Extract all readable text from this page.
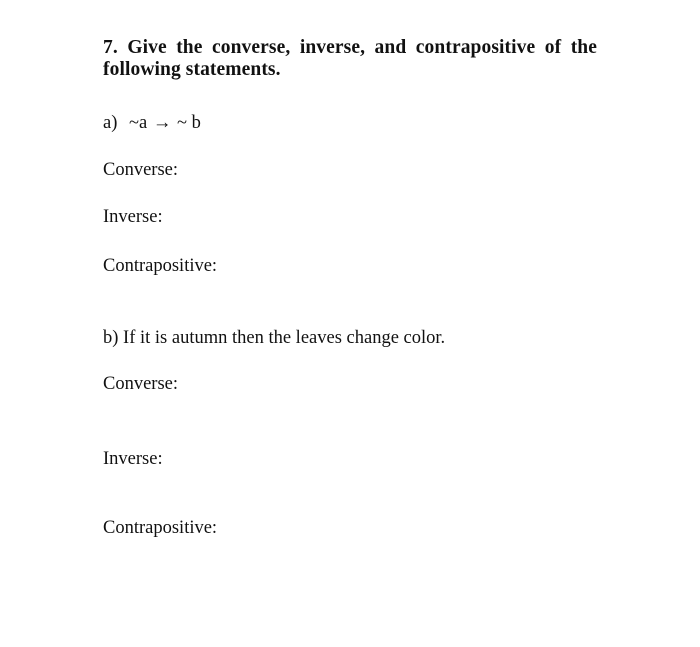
7. Give the converse, inverse, and contrapositive of the
following statements.
a) ~a → ~ b
Converse:
Inverse:
Contrapositive:
b) If it is autumn then the leaves change color.
Converse:
Inverse:
Contrapositive:
